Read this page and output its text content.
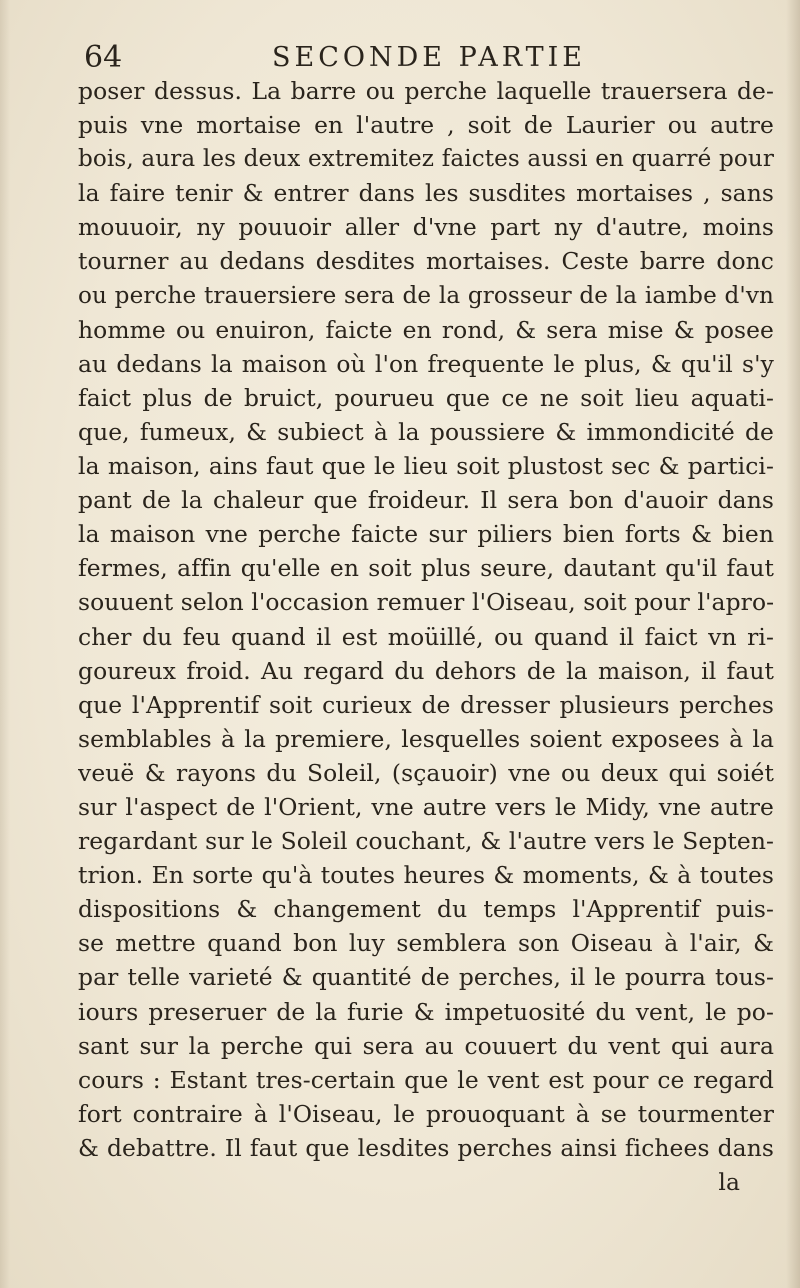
64	SECONDE PARTIE
poser dessus. La barre ou perche laquelle trauersera de-
puis vne mortaise en l'autre , soit de Laurier ou autre
bois, aura les deux extremitez faictes aussi en quarré pour
la faire tenir & entrer dans les susdites mortaises , sans
mouuoir, ny pouuoir aller d'vne part ny d'autre, moins
tourner au dedans desdites mortaises. Ceste barre donc
ou perche trauersiere sera de la grosseur de la iambe d'vn
homme ou enuiron, faicte en rond, & sera mise & posee
au dedans la maison où l'on frequente le plus, & qu'il s'y
faict plus de bruict, pourueu que ce ne soit lieu aquati-
que, fumeux, & subiect à la poussiere & immondicité de
la maison, ains faut que le lieu soit plustost sec & partici-
pant de la chaleur que froideur. Il sera bon d'auoir dans
la maison vne perche faicte sur piliers bien forts & bien
fermes, affin qu'elle en soit plus seure, dautant qu'il faut
souuent selon l'occasion remuer l'Oiseau, soit pour l'apro-
cher du feu quand il est moüillé, ou quand il faict vn ri-
goureux froid. Au regard du dehors de la maison, il faut
que l'Apprentif soit curieux de dresser plusieurs perches
semblables à la premiere, lesquelles soient exposees à la
veuë & rayons du Soleil, (sçauoir) vne ou deux qui soiét
sur l'aspect de l'Orient, vne autre vers le Midy, vne autre
regardant sur le Soleil couchant, & l'autre vers le Septen-
trion. En sorte qu'à toutes heures & moments, & à toutes
dispositions & changement du temps l'Apprentif puis-
se mettre quand bon luy semblera son Oiseau à l'air, &
par telle varieté & quantité de perches, il le pourra tous-
iours preseruer de la furie & impetuosité du vent, le po-
sant sur la perche qui sera au couuert du vent qui aura
cours : Estant tres-certain que le vent est pour ce regard
fort contraire à l'Oiseau, le prouoquant à se tourmenter
& debattre. Il faut que lesdites perches ainsi fichees dans
la
